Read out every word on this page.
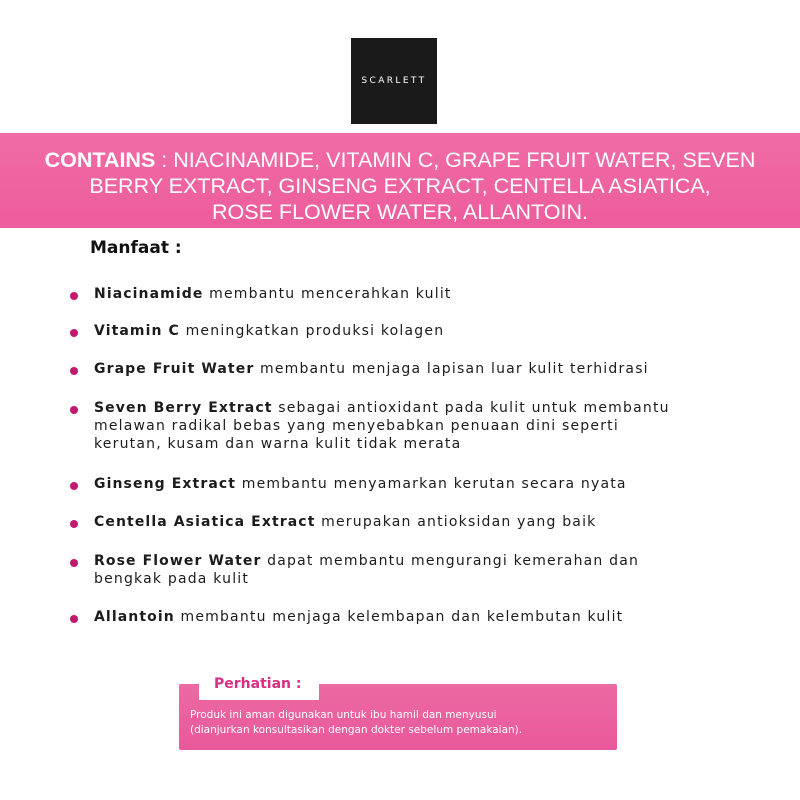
SCARLETT
CONTAINS : NIACINAMIDE, VITAMIN C, GRAPE FRUIT WATER, SEVEN
BERRY EXTRACT, GINSENG EXTRACT, CENTELLA ASIATICA,
ROSE FLOWER WATER, ALLANTOIN.
Manfaat :
Niacinamide membantu mencerahkan kulit
Vitamin C meningkatkan produksi kolagen
Grape Fruit Water membantu menjaga lapisan luar kulit terhidrasi
Seven Berry Extract sebagai antioxidant pada kulit untuk membantu
melawan radikal bebas yang menyebabkan penuaan dini seperti
kerutan, kusam dan warna kulit tidak merata
Ginseng Extract membantu menyamarkan kerutan secara nyata
Centella Asiatica Extract merupakan antioksidan yang baik
Rose Flower Water dapat membantu mengurangi kemerahan dan
bengkak pada kulit
Allantoin membantu menjaga kelembapan dan kelembutan kulit
Perhatian :
Produk ini aman digunakan untuk ibu hamil dan menyusui
(dianjurkan konsultasikan dengan dokter sebelum pemakaian).
